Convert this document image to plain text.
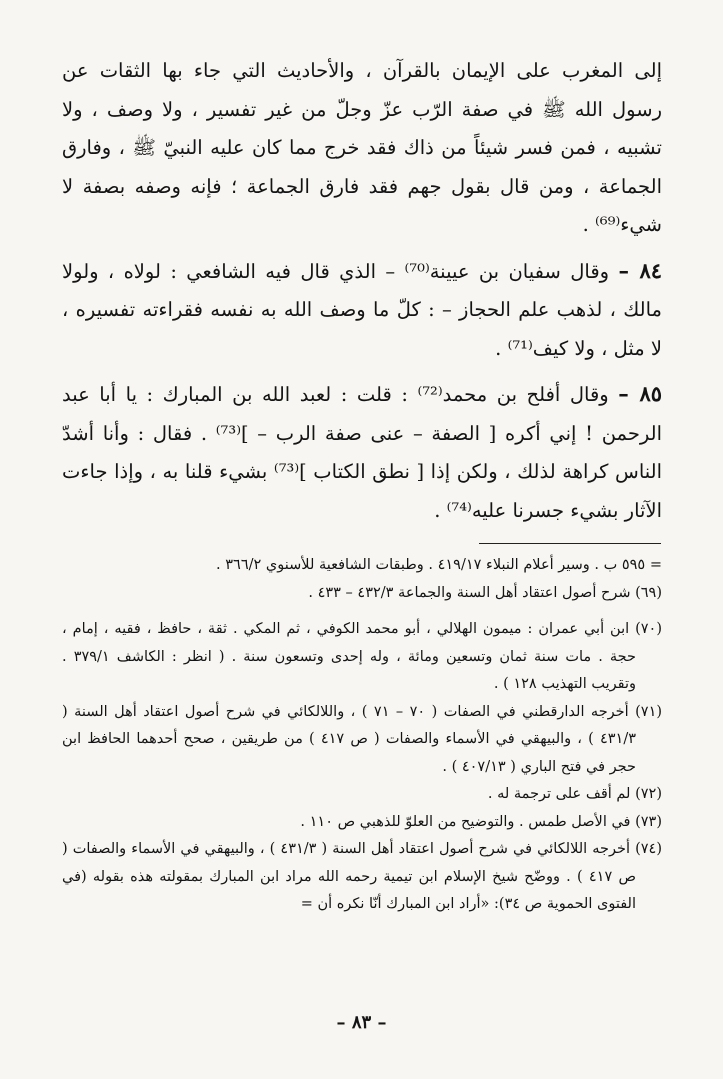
إلى المغرب على الإيمان بالقرآن ، والأحاديث التي جاء بها الثقات عن رسول الله ﷺ في صفة الرّب عزّ وجلّ من غير تفسير ، ولا وصف ، ولا تشبيه ، فمن فسر شيئاً من ذاك فقد خرج مما كان عليه النبيّ ﷺ ، وفارق الجماعة ، ومن قال بقول جهم فقد فارق الجماعة ؛ فإنه وصفه بصفة لا شيء⁽⁶⁹⁾ .

٨٤ – وقال سفيان بن عيينة⁽⁷⁰⁾ – الذي قال فيه الشافعي : لولاه ، ولولا مالك ، لذهب علم الحجاز – : كلّ ما وصف الله به نفسه فقراءته تفسيره ، لا مثل ، ولا كيف⁽⁷¹⁾ .

٨٥ – وقال أفلح بن محمد⁽⁷²⁾ : قلت : لعبد الله بن المبارك : يا أبا عبد الرحمن ! إني أكره [ الصفة – عنى صفة الرب – ]⁽⁷³⁾ . فقال : وأنا أشدّ الناس كراهة لذلك ، ولكن إذا [ نطق الكتاب ]⁽⁷³⁾ بشيء قلنا به ، وإذا جاءت الآثار بشيء جسرنا عليه⁽⁷⁴⁾ .

= ٥٩٥ ب . وسير أعلام النبلاء ٤١٩/١٧ . وطبقات الشافعية للأسنوي ٣٦٦/٢ .

(٦٩) شرح أصول اعتقاد أهل السنة والجماعة ٤٣٢/٣ – ٤٣٣ .

(٧٠) ابن أبي عمران : ميمون الهلالي ، أبو محمد الكوفي ، ثم المكي . ثقة ، حافظ ، فقيه ، إمام ، حجة . مات سنة ثمان وتسعين ومائة ، وله إحدى وتسعون سنة . ( انظر : الكاشف ٣٧٩/١ . وتقريب التهذيب ١٢٨ ) .

(٧١) أخرجه الدارقطني في الصفات ( ٧٠ – ٧١ ) ، واللالكائي في شرح أصول اعتقاد أهل السنة ( ٤٣١/٣ ) ، والبيهقي في الأسماء والصفات ( ص ٤١٧ ) من طريقين ، صحح أحدهما الحافظ ابن حجر في فتح الباري ( ٤٠٧/١٣ ) .

(٧٢) لم أقف على ترجمة له .

(٧٣) في الأصل طمس . والتوضيح من العلوّ للذهبي ص ١١٠ .

(٧٤) أخرجه اللالكائي في شرح أصول اعتقاد أهل السنة ( ٤٣١/٣ ) ، والبيهقي في الأسماء والصفات ( ص ٤١٧ ) . ووضّح شيخ الإسلام ابن تيمية رحمه الله مراد ابن المبارك بمقولته هذه بقوله (في الفتوى الحموية ص ٣٤): «أراد ابن المبارك أنّا نكره أن =

– ٨٣ –
